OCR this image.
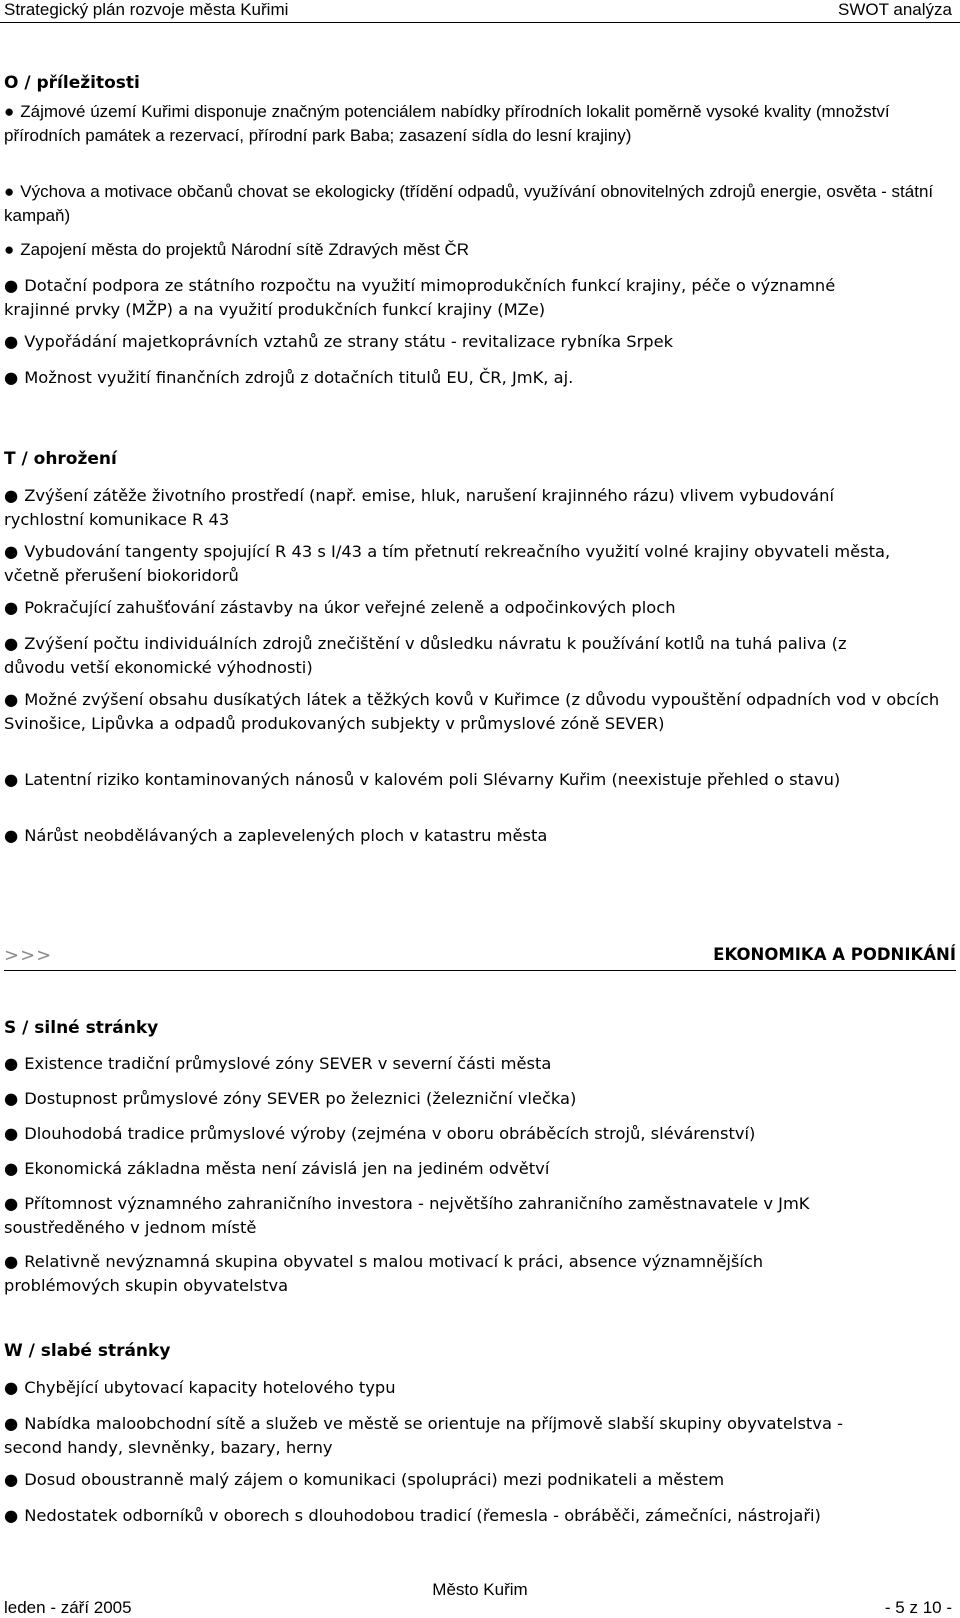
Strategický plán rozvoje města Kuřimi	SWOT analýza
O / příležitosti

● Zájmové území Kuřimi disponuje značným potenciálem nabídky přírodních lokalit poměrně vysoké kvality (množství přírodních památek a rezervací, přírodní park Baba; zasazení sídla do lesní krajiny)

● Výchova a motivace občanů chovat se ekologicky (třídění odpadů, využívání obnovitelných zdrojů energie, osvěta - státní kampaň)

● Zapojení města do projektů Národní sítě Zdravých měst ČR

● Dotační podpora ze státního rozpočtu na využití mimoprodukčních funkcí krajiny, péče o významné krajinné prvky (MŽP) a na využití produkčních funkcí krajiny (MZe)

● Vypořádání majetkoprávních vztahů ze strany státu - revitalizace rybníka Srpek

● Možnost využití finančních zdrojů z dotačních titulů EU, ČR, JmK, aj.

T / ohrožení

● Zvýšení zátěže životního prostředí (např. emise, hluk, narušení krajinného rázu) vlivem vybudování rychlostní komunikace R 43

● Vybudování tangenty spojující R 43 s I/43 a tím přetnutí rekreačního využití volné krajiny obyvateli města, včetně přerušení biokoridorů

● Pokračující zahušťování zástavby na úkor veřejné zeleně a odpočinkových ploch

● Zvýšení počtu individuálních zdrojů znečištění v důsledku návratu k používání kotlů na tuhá paliva (z důvodu vetší ekonomické výhodnosti)

● Možné zvýšení obsahu dusíkatých látek a těžkých kovů v Kuřimce (z důvodu vypouštění odpadních vod v obcích Svinošice, Lipůvka a odpadů produkovaných subjekty v průmyslové zóně SEVER)

● Latentní riziko kontaminovaných nánosů v kalovém poli Slévarny Kuřim (neexistuje přehled o stavu)

● Nárůst neobdělávaných a zaplevelených ploch v katastru města

>>>	EKONOMIKA A PODNIKÁNÍ
S / silné stránky

● Existence tradiční průmyslové zóny SEVER v severní části města

● Dostupnost průmyslové zóny SEVER po železnici (železniční vlečka)

● Dlouhodobá tradice průmyslové výroby (zejména v oboru obráběcích strojů, slévárenství)

● Ekonomická základna města není závislá jen na jediném odvětví

● Přítomnost významného zahraničního investora - největšího zahraničního zaměstnavatele v JmK soustředěného v jednom místě

● Relativně nevýznamná skupina obyvatel s malou motivací k práci, absence významnějších problémových skupin obyvatelstva

W / slabé stránky

● Chybějící ubytovací kapacity hotelového typu

● Nabídka maloobchodní sítě a služeb ve městě se orientuje na příjmově slabší skupiny obyvatelstva - second handy, slevněnky, bazary, herny

● Dosud oboustranně malý zájem o komunikaci (spolupráci) mezi podnikateli a městem

● Nedostatek odborníků v oborech s dlouhodobou tradicí (řemesla - obráběči, zámečníci, nástrojaři)

Město Kuřim
leden - září 2005	- 5 z 10 -
